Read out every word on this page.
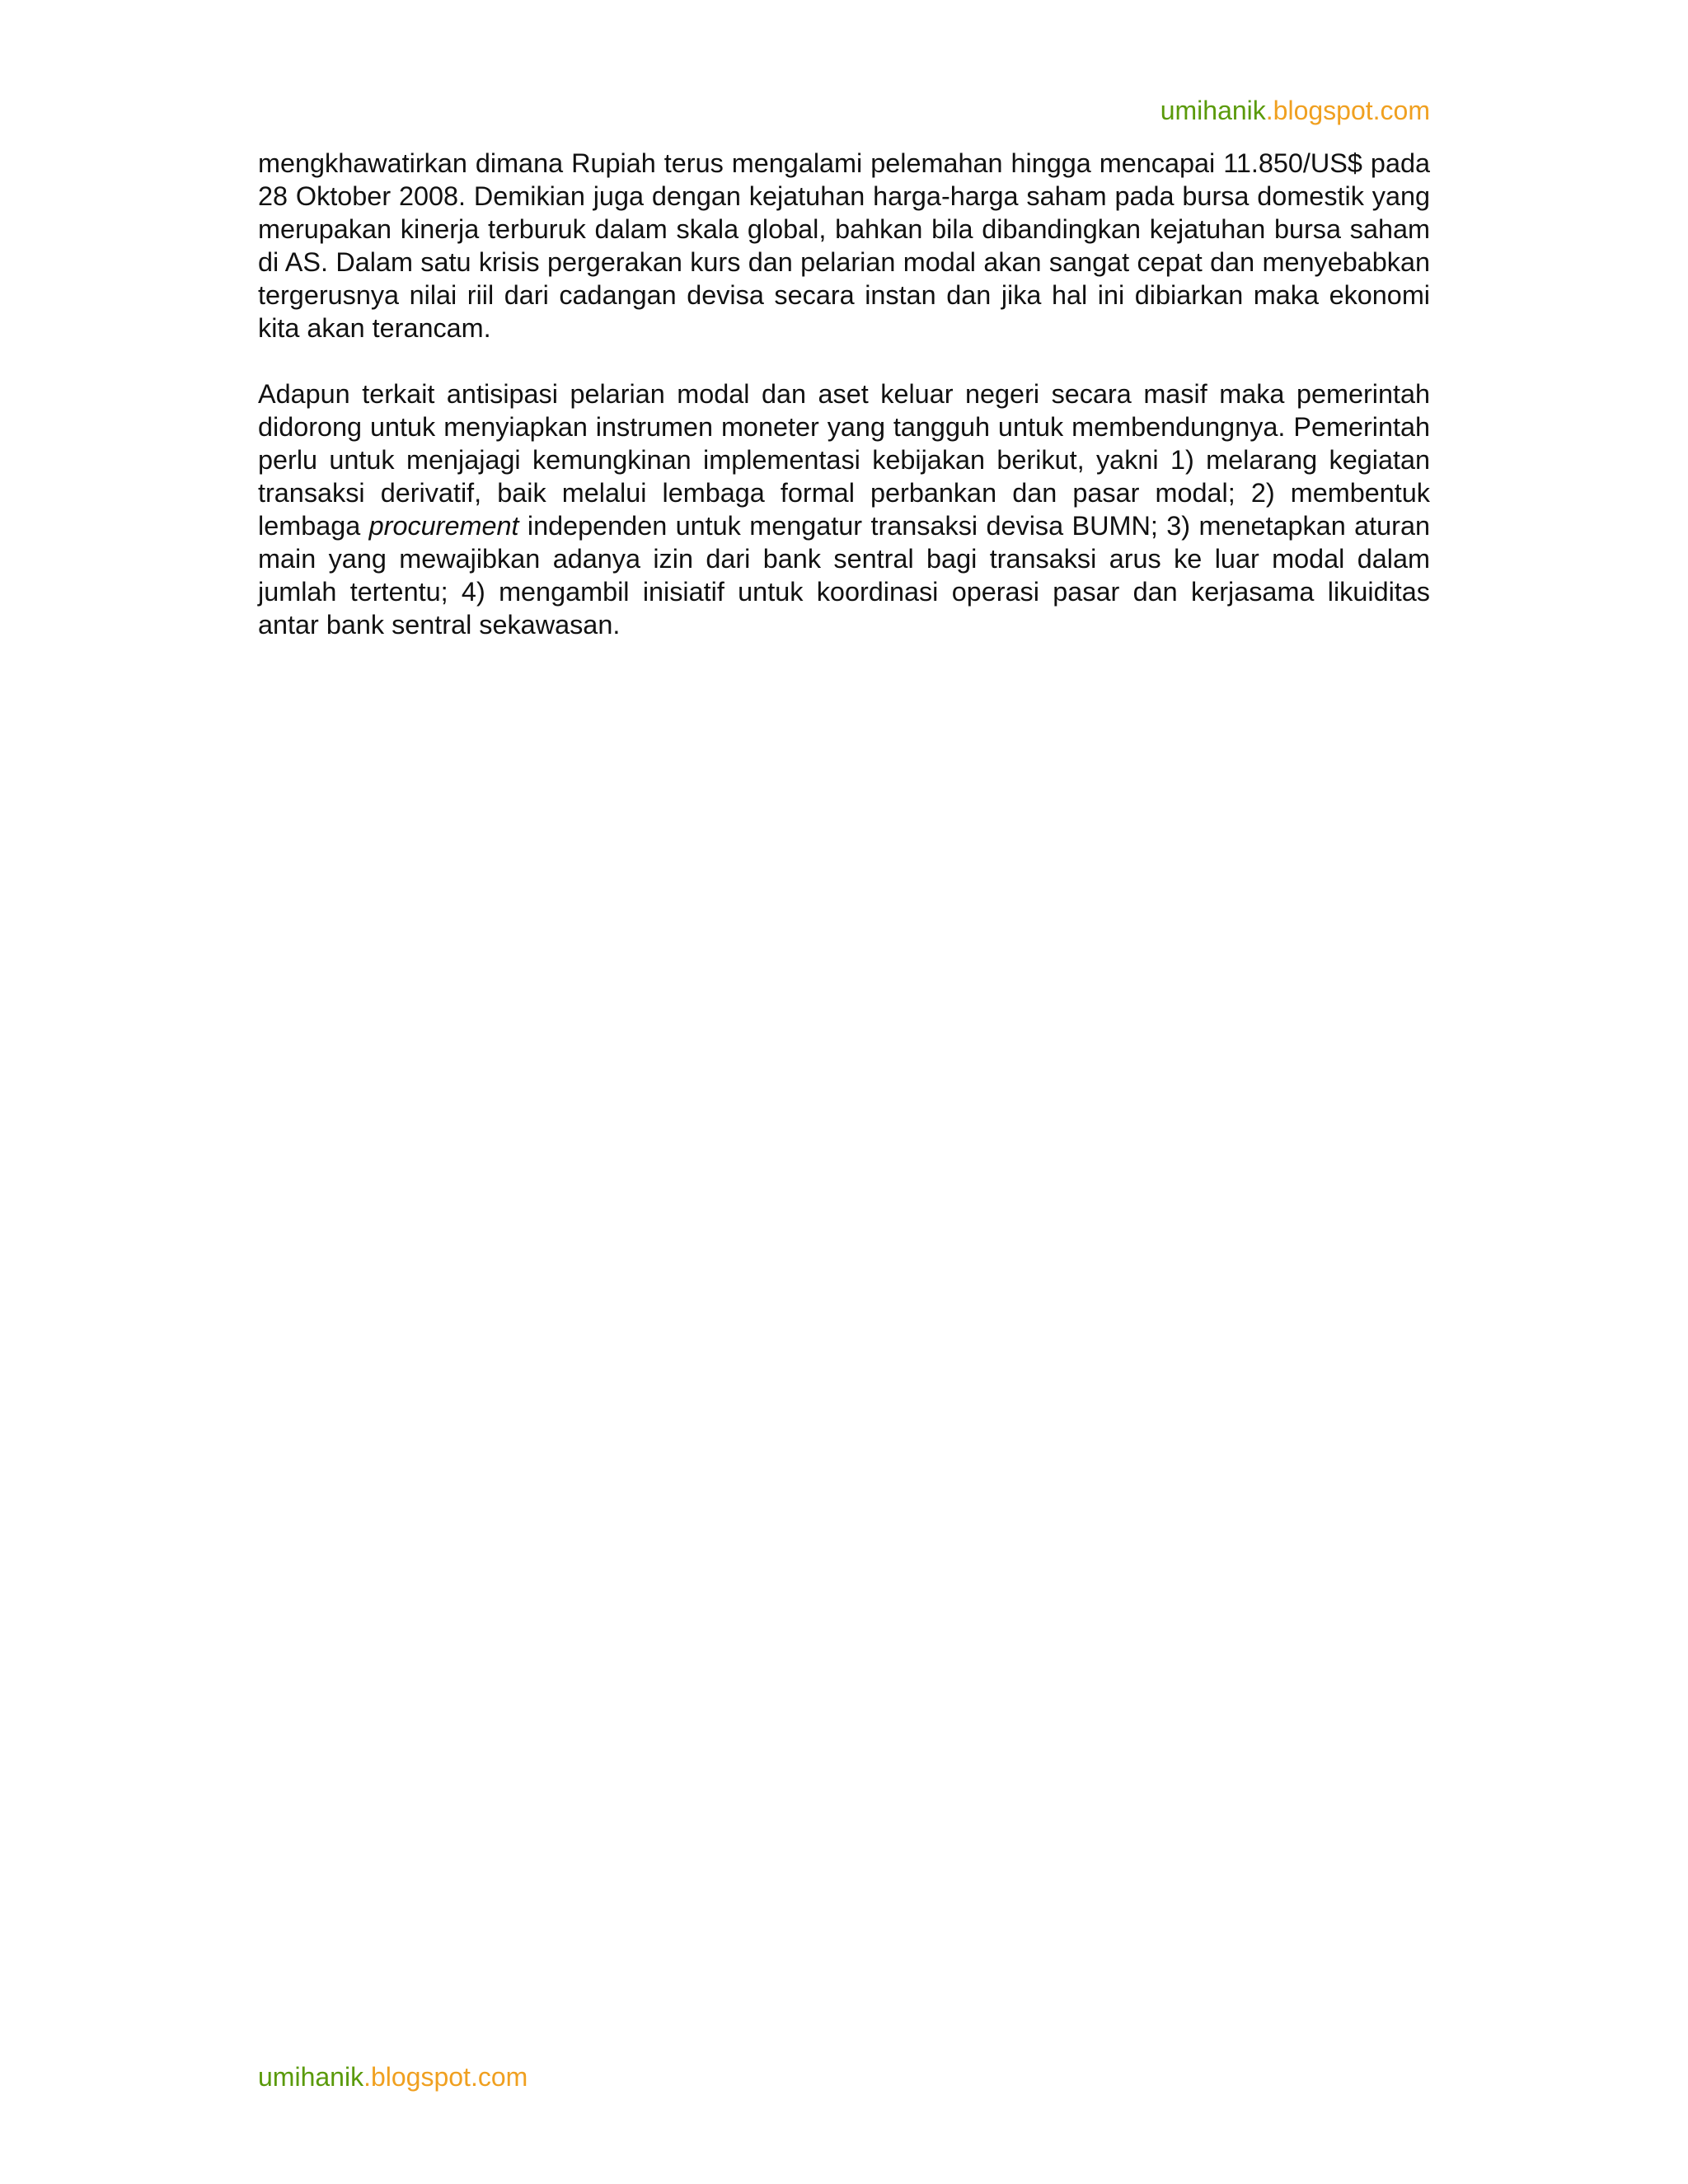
umihanik.blogspot.com

mengkhawatirkan dimana Rupiah terus mengalami pelemahan hingga mencapai 11.850/US$ pada 28 Oktober 2008. Demikian juga dengan kejatuhan harga-harga saham pada bursa domestik yang merupakan kinerja terburuk dalam skala global, bahkan bila dibandingkan kejatuhan bursa saham di AS. Dalam satu krisis pergerakan kurs dan pelarian modal akan sangat cepat dan menyebabkan tergerusnya nilai riil dari cadangan devisa secara instan dan jika hal ini dibiarkan maka ekonomi kita akan terancam.

Adapun terkait antisipasi pelarian modal dan aset keluar negeri secara masif maka pemerintah didorong untuk menyiapkan instrumen moneter yang tangguh untuk membendungnya. Pemerintah perlu untuk menjajagi kemungkinan implementasi kebijakan berikut, yakni 1) melarang kegiatan transaksi derivatif, baik melalui lembaga formal perbankan dan pasar modal; 2) membentuk lembaga procurement independen untuk mengatur transaksi devisa BUMN; 3) menetapkan aturan main yang mewajibkan adanya izin dari bank sentral bagi transaksi arus ke luar modal dalam jumlah tertentu; 4) mengambil inisiatif untuk koordinasi operasi pasar dan kerjasama likuiditas antar bank sentral sekawasan.

umihanik.blogspot.com
